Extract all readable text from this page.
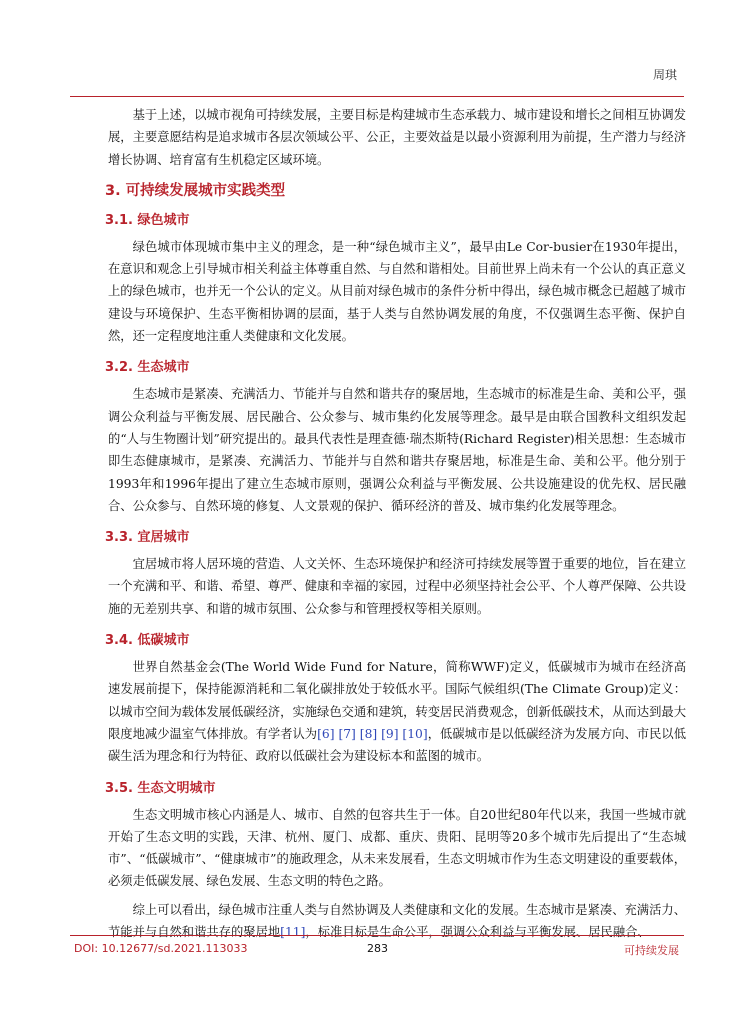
周琪

基于上述，以城市视角可持续发展，主要目标是构建城市生态承载力、城市建设和增长之间相互协调发展，主要意愿结构是追求城市各层次领域公平、公正，主要效益是以最小资源利用为前提，生产潜力与经济增长协调、培育富有生机稳定区域环境。

3. 可持续发展城市实践类型
3.1. 绿色城市

绿色城市体现城市集中主义的理念，是一种“绿色城市主义”，最早由Le Cor-busier在1930年提出，在意识和观念上引导城市相关利益主体尊重自然、与自然和谐相处。目前世界上尚未有一个公认的真正意义上的绿色城市，也并无一个公认的定义。从目前对绿色城市的条件分析中得出，绿色城市概念已超越了城市建设与环境保护、生态平衡相协调的层面，基于人类与自然协调发展的角度，不仅强调生态平衡、保护自然，还一定程度地注重人类健康和文化发展。

3.2. 生态城市

生态城市是紧凑、充满活力、节能并与自然和谐共存的聚居地，生态城市的标准是生命、美和公平，强调公众利益与平衡发展、居民融合、公众参与、城市集约化发展等理念。最早是由联合国教科文组织发起的“人与生物圈计划”研究提出的。最具代表性是理查德·瑞杰斯特(Richard Register)相关思想：生态城市即生态健康城市，是紧凑、充满活力、节能并与自然和谐共存聚居地，标准是生命、美和公平。他分别于1993年和1996年提出了建立生态城市原则，强调公众利益与平衡发展、公共设施建设的优先权、居民融合、公众参与、自然环境的修复、人文景观的保护、循环经济的普及、城市集约化发展等理念。

3.3. 宜居城市

宜居城市将人居环境的营造、人文关怀、生态环境保护和经济可持续发展等置于重要的地位，旨在建立一个充满和平、和谐、希望、尊严、健康和幸福的家园，过程中必须坚持社会公平、个人尊严保障、公共设施的无差别共享、和谐的城市氛围、公众参与和管理授权等相关原则。

3.4. 低碳城市

世界自然基金会(The World Wide Fund for Nature，简称WWF)定义，低碳城市为城市在经济高速发展前提下，保持能源消耗和二氧化碳排放处于较低水平。国际气候组织(The Climate Group)定义：以城市空间为载体发展低碳经济，实施绿色交通和建筑，转变居民消费观念，创新低碳技术，从而达到最大限度地减少温室气体排放。有学者认为[6] [7] [8] [9] [10]，低碳城市是以低碳经济为发展方向、市民以低碳生活为理念和行为特征、政府以低碳社会为建设标本和蓝图的城市。

3.5. 生态文明城市

生态文明城市核心内涵是人、城市、自然的包容共生于一体。自20世纪80年代以来，我国一些城市就开始了生态文明的实践，天津、杭州、厦门、成都、重庆、贵阳、昆明等20多个城市先后提出了“生态城市”、“低碳城市”、“健康城市”的施政理念，从未来发展看，生态文明城市作为生态文明建设的重要载体，必须走低碳发展、绿色发展、生态文明的特色之路。

综上可以看出，绿色城市注重人类与自然协调及人类健康和文化的发展。生态城市是紧凑、充满活力、节能并与自然和谐共存的聚居地[11]，标准目标是生命公平，强调公众利益与平衡发展、居民融合、

DOI: 10.12677/sd.2021.113033	283	可持续发展
